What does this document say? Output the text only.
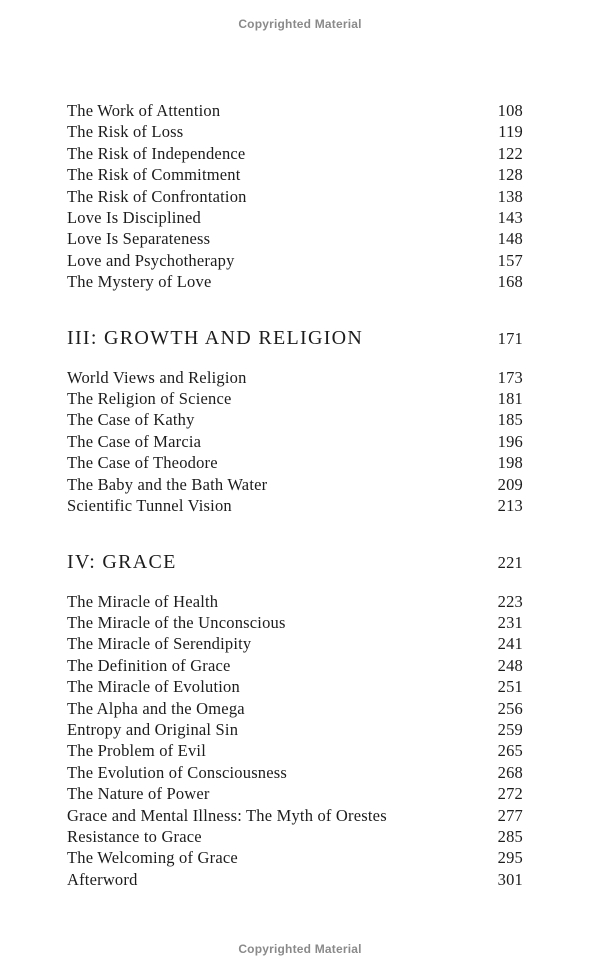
Copyrighted Material
The Work of Attention	108
The Risk of Loss	119
The Risk of Independence	122
The Risk of Commitment	128
The Risk of Confrontation	138
Love Is Disciplined	143
Love Is Separateness	148
Love and Psychotherapy	157
The Mystery of Love	168
III: GROWTH AND RELIGION	171
World Views and Religion	173
The Religion of Science	181
The Case of Kathy	185
The Case of Marcia	196
The Case of Theodore	198
The Baby and the Bath Water	209
Scientific Tunnel Vision	213
IV: GRACE	221
The Miracle of Health	223
The Miracle of the Unconscious	231
The Miracle of Serendipity	241
The Definition of Grace	248
The Miracle of Evolution	251
The Alpha and the Omega	256
Entropy and Original Sin	259
The Problem of Evil	265
The Evolution of Consciousness	268
The Nature of Power	272
Grace and Mental Illness: The Myth of Orestes	277
Resistance to Grace	285
The Welcoming of Grace	295
Afterword	301
Copyrighted Material
